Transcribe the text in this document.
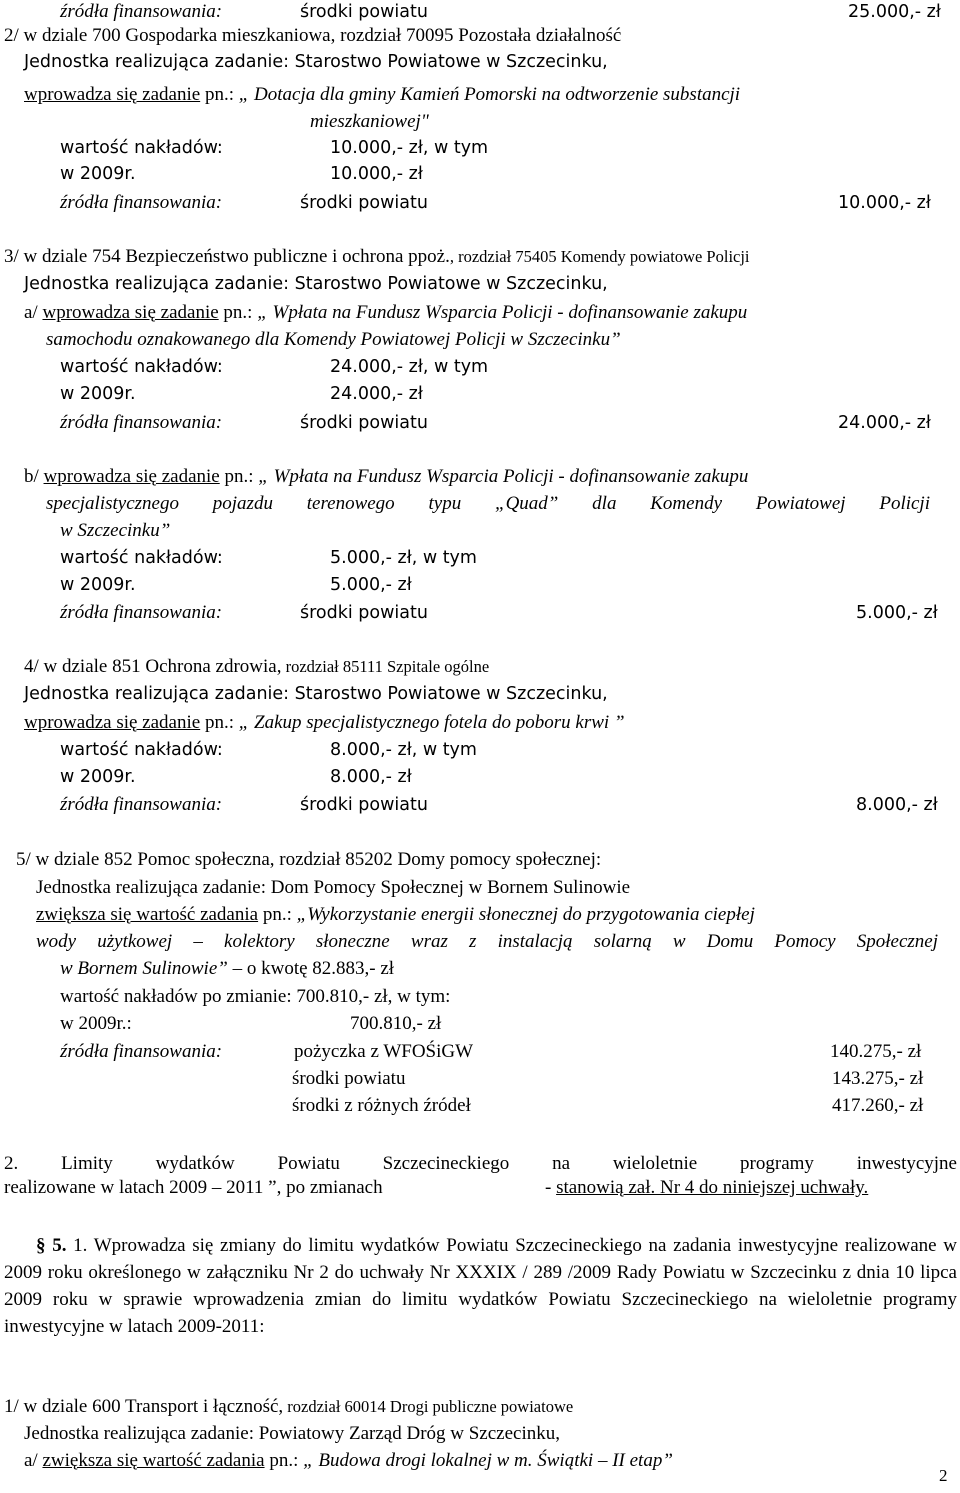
źródła finansowania:	środki powiatu	25.000,- zł
2/ w dziale 700 Gospodarka mieszkaniowa, rozdział 70095 Pozostała działalność
Jednostka realizująca zadanie: Starostwo Powiatowe w Szczecinku,
wprowadza się zadanie pn.: „ Dotacja dla gminy Kamień Pomorski na odtworzenie substancji
mieszkaniowej"
wartość nakładów:	10.000,- zł, w tym
w 2009r.	10.000,- zł
źródła finansowania:	środki powiatu	10.000,- zł
3/ w dziale 754 Bezpieczeństwo publiczne i ochrona ppoż., rozdział 75405 Komendy powiatowe Policji
Jednostka realizująca zadanie: Starostwo Powiatowe w Szczecinku,
a/ wprowadza się zadanie pn.: „ Wpłata na Fundusz Wsparcia Policji - dofinansowanie zakupu
samochodu oznakowanego dla Komendy Powiatowej Policji w Szczecinku”
wartość nakładów:	24.000,- zł, w tym
w 2009r.	24.000,- zł
źródła finansowania:	środki powiatu	24.000,- zł
b/ wprowadza się zadanie pn.: „ Wpłata na Fundusz Wsparcia Policji - dofinansowanie zakupu
specjalistycznego pojazdu terenowego typu „Quad” dla Komendy Powiatowej Policji
w Szczecinku”
wartość nakładów:	5.000,- zł, w tym
w 2009r.	5.000,- zł
źródła finansowania:	środki powiatu	5.000,- zł
4/ w dziale 851 Ochrona zdrowia, rozdział 85111 Szpitale ogólne
Jednostka realizująca zadanie: Starostwo Powiatowe w Szczecinku,
wprowadza się zadanie pn.: „ Zakup specjalistycznego fotela do poboru krwi ”
wartość nakładów:	8.000,- zł, w tym
w 2009r.	8.000,- zł
źródła finansowania:	środki powiatu	8.000,- zł
5/ w dziale 852 Pomoc społeczna, rozdział 85202 Domy pomocy społecznej:
Jednostka realizująca zadanie: Dom Pomocy Społecznej w Bornem Sulinowie
zwiększa się wartość zadania pn.: „Wykorzystanie energii słonecznej do przygotowania ciepłej
wody użytkowej – kolektory słoneczne wraz z instalacją solarną w Domu Pomocy Społecznej
w Bornem Sulinowie” – o kwotę 82.883,- zł
wartość nakładów po zmianie: 700.810,- zł, w tym:
w 2009r.:	700.810,- zł
źródła finansowania:	pożyczka z WFOŚiGW	140.275,- zł
środki powiatu	143.275,- zł
środki z różnych źródeł	417.260,- zł
2. Limity wydatków Powiatu Szczecineckiego na wieloletnie programy inwestycyjne
realizowane w latach 2009 – 2011 ”, po zmianach	- stanowią zał. Nr 4 do niniejszej uchwały.
§ 5. 1. Wprowadza się zmiany do limitu wydatków Powiatu Szczecineckiego na zadania inwestycyjne realizowane w 2009 roku określonego w załączniku Nr 2 do uchwały Nr XXXIX / 289 /2009 Rady Powiatu w Szczecinku z dnia 10 lipca 2009 roku w sprawie wprowadzenia zmian do limitu wydatków Powiatu Szczecineckiego na wieloletnie programy inwestycyjne w latach 2009-2011:
1/ w dziale 600 Transport i łączność, rozdział 60014 Drogi publiczne powiatowe
Jednostka realizująca zadanie: Powiatowy Zarząd Dróg w Szczecinku,
a/ zwiększa się wartość zadania pn.: „ Budowa drogi lokalnej w m. Świątki – II etap”
2
